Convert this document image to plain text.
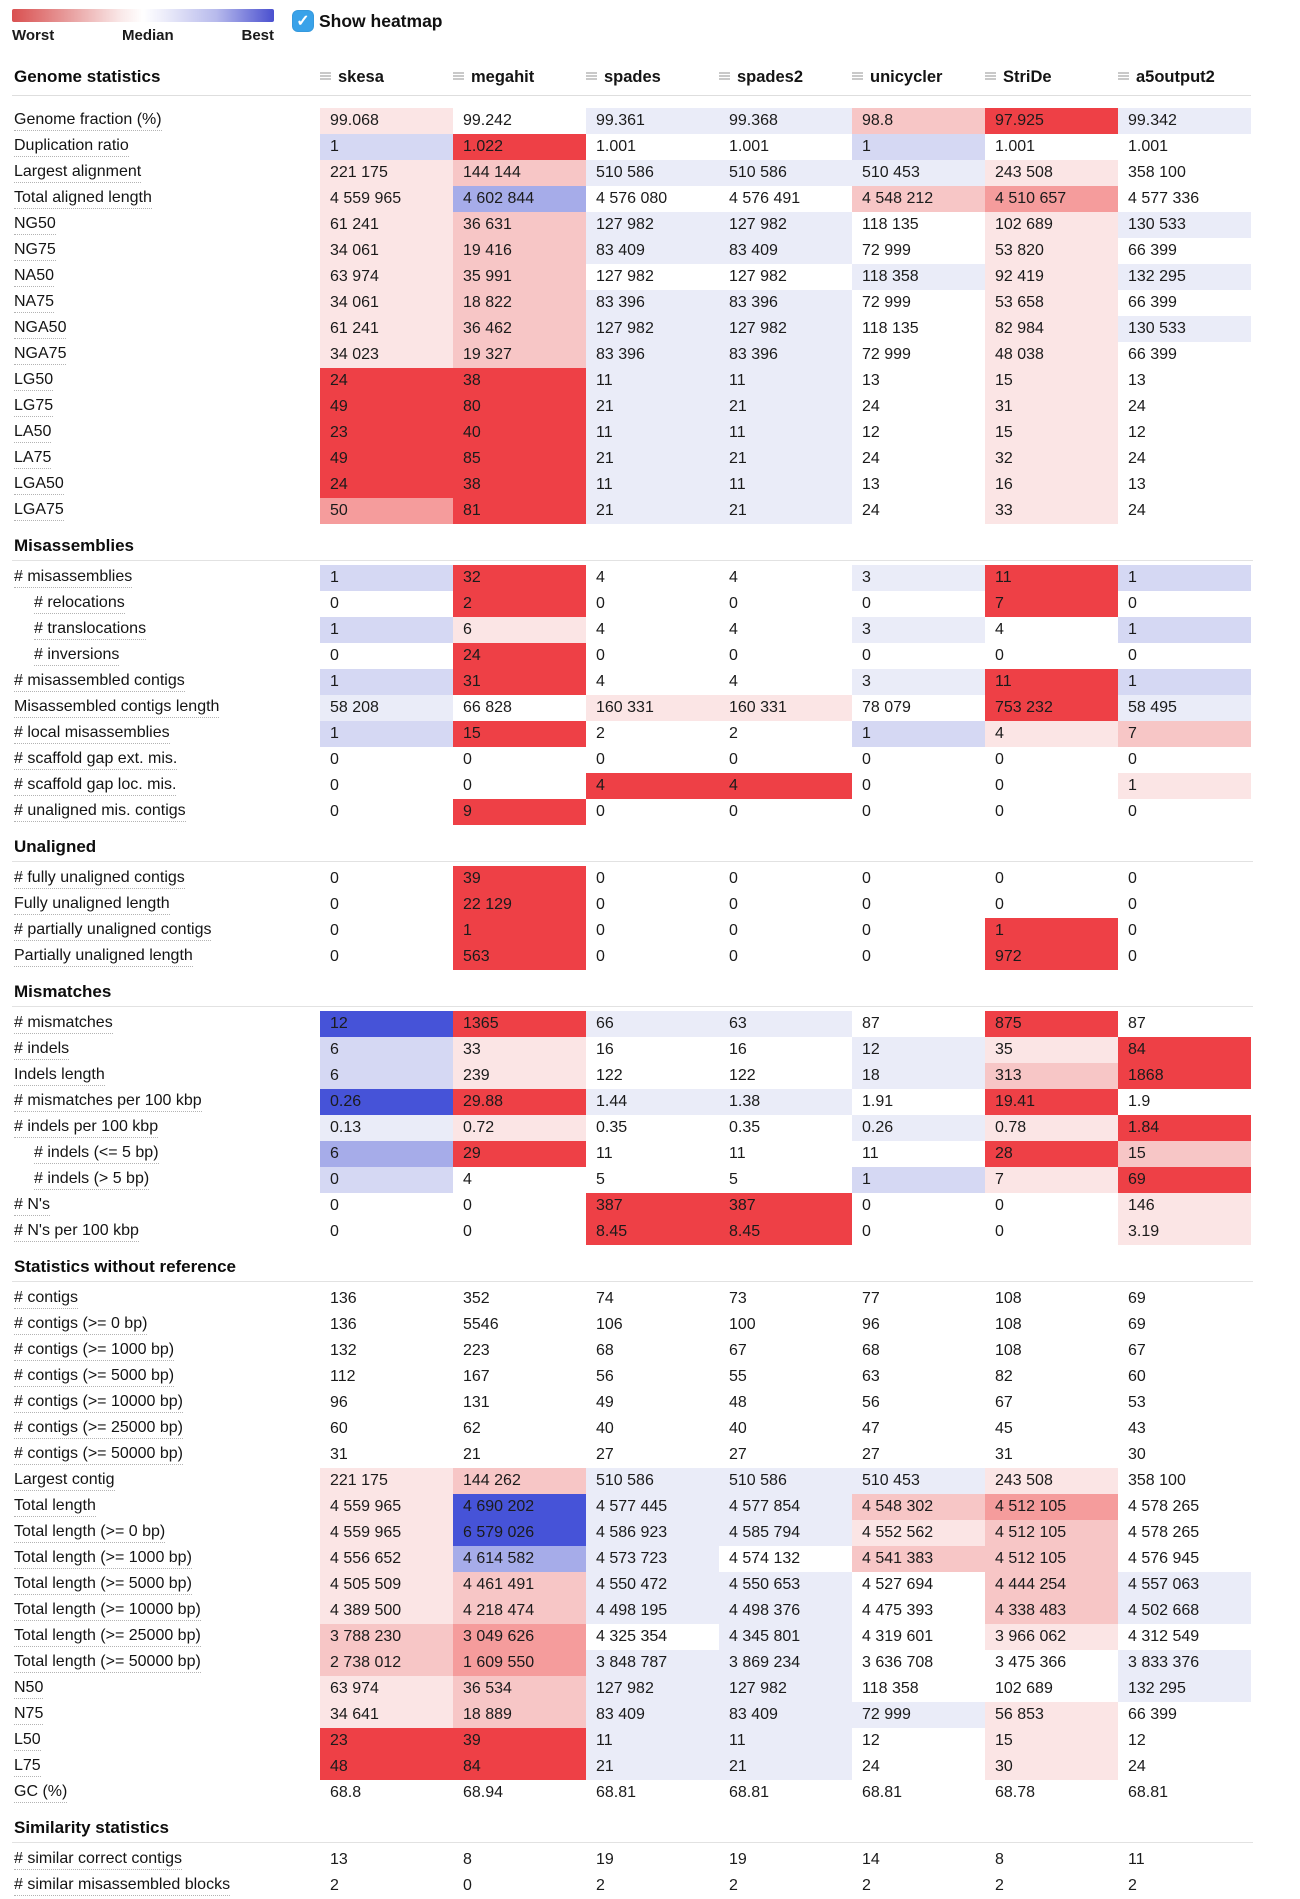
Worst	Median	Best
✓ Show heatmap
Genome statistics	skesa	megahit	spades	spades2	unicycler	StriDe	a5output2
Genome fraction (%)	99.068	99.242	99.361	99.368	98.8	97.925	99.342
Duplication ratio	1	1.022	1.001	1.001	1	1.001	1.001
Largest alignment	221 175	144 144	510 586	510 586	510 453	243 508	358 100
Total aligned length	4 559 965	4 602 844	4 576 080	4 576 491	4 548 212	4 510 657	4 577 336
NG50	61 241	36 631	127 982	127 982	118 135	102 689	130 533
NG75	34 061	19 416	83 409	83 409	72 999	53 820	66 399
NA50	63 974	35 991	127 982	127 982	118 358	92 419	132 295
NA75	34 061	18 822	83 396	83 396	72 999	53 658	66 399
NGA50	61 241	36 462	127 982	127 982	118 135	82 984	130 533
NGA75	34 023	19 327	83 396	83 396	72 999	48 038	66 399
LG50	24	38	11	11	13	15	13
LG75	49	80	21	21	24	31	24
LA50	23	40	11	11	12	15	12
LA75	49	85	21	21	24	32	24
LGA50	24	38	11	11	13	16	13
LGA75	50	81	21	21	24	33	24
Misassemblies
# misassemblies	1	32	4	4	3	11	1
# relocations	0	2	0	0	0	7	0
# translocations	1	6	4	4	3	4	1
# inversions	0	24	0	0	0	0	0
# misassembled contigs	1	31	4	4	3	11	1
Misassembled contigs length	58 208	66 828	160 331	160 331	78 079	753 232	58 495
# local misassemblies	1	15	2	2	1	4	7
# scaffold gap ext. mis.	0	0	0	0	0	0	0
# scaffold gap loc. mis.	0	0	4	4	0	0	1
# unaligned mis. contigs	0	9	0	0	0	0	0
Unaligned
# fully unaligned contigs	0	39	0	0	0	0	0
Fully unaligned length	0	22 129	0	0	0	0	0
# partially unaligned contigs	0	1	0	0	0	1	0
Partially unaligned length	0	563	0	0	0	972	0
Mismatches
# mismatches	12	1365	66	63	87	875	87
# indels	6	33	16	16	12	35	84
Indels length	6	239	122	122	18	313	1868
# mismatches per 100 kbp	0.26	29.88	1.44	1.38	1.91	19.41	1.9
# indels per 100 kbp	0.13	0.72	0.35	0.35	0.26	0.78	1.84
# indels (<= 5 bp)	6	29	11	11	11	28	15
# indels (> 5 bp)	0	4	5	5	1	7	69
# N's	0	0	387	387	0	0	146
# N's per 100 kbp	0	0	8.45	8.45	0	0	3.19
Statistics without reference
# contigs	136	352	74	73	77	108	69
# contigs (>= 0 bp)	136	5546	106	100	96	108	69
# contigs (>= 1000 bp)	132	223	68	67	68	108	67
# contigs (>= 5000 bp)	112	167	56	55	63	82	60
# contigs (>= 10000 bp)	96	131	49	48	56	67	53
# contigs (>= 25000 bp)	60	62	40	40	47	45	43
# contigs (>= 50000 bp)	31	21	27	27	27	31	30
Largest contig	221 175	144 262	510 586	510 586	510 453	243 508	358 100
Total length	4 559 965	4 690 202	4 577 445	4 577 854	4 548 302	4 512 105	4 578 265
Total length (>= 0 bp)	4 559 965	6 579 026	4 586 923	4 585 794	4 552 562	4 512 105	4 578 265
Total length (>= 1000 bp)	4 556 652	4 614 582	4 573 723	4 574 132	4 541 383	4 512 105	4 576 945
Total length (>= 5000 bp)	4 505 509	4 461 491	4 550 472	4 550 653	4 527 694	4 444 254	4 557 063
Total length (>= 10000 bp)	4 389 500	4 218 474	4 498 195	4 498 376	4 475 393	4 338 483	4 502 668
Total length (>= 25000 bp)	3 788 230	3 049 626	4 325 354	4 345 801	4 319 601	3 966 062	4 312 549
Total length (>= 50000 bp)	2 738 012	1 609 550	3 848 787	3 869 234	3 636 708	3 475 366	3 833 376
N50	63 974	36 534	127 982	127 982	118 358	102 689	132 295
N75	34 641	18 889	83 409	83 409	72 999	56 853	66 399
L50	23	39	11	11	12	15	12
L75	48	84	21	21	24	30	24
GC (%)	68.8	68.94	68.81	68.81	68.81	68.78	68.81
Similarity statistics
# similar correct contigs	13	8	19	19	14	8	11
# similar misassembled blocks	2	0	2	2	2	2	2
